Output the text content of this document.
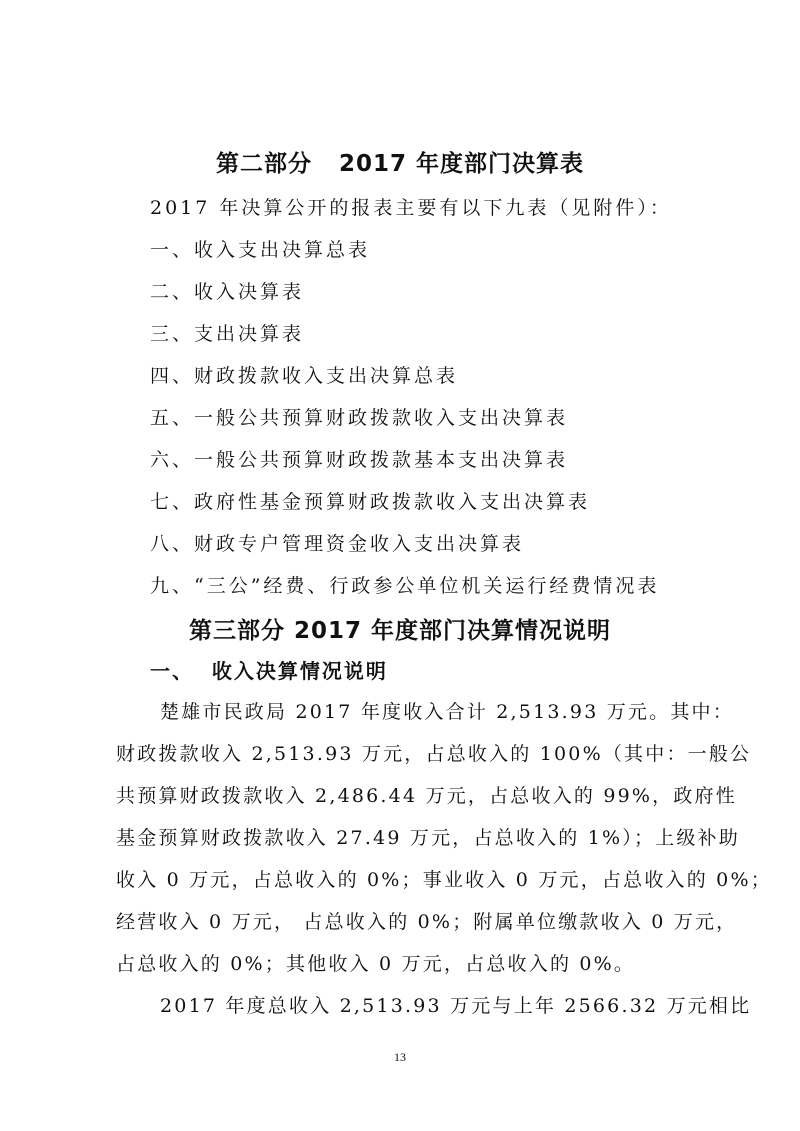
第二部分   2017 年度部门决算表
2017 年决算公开的报表主要有以下九表（见附件）：
一、收入支出决算总表
二、收入决算表
三、支出决算表
四、财政拨款收入支出决算总表
五、一般公共预算财政拨款收入支出决算表
六、一般公共预算财政拨款基本支出决算表
七、政府性基金预算财政拨款收入支出决算表
八、财政专户管理资金收入支出决算表
九、“三公”经费、行政参公单位机关运行经费情况表
第三部分 2017 年度部门决算情况说明
一、  收入决算情况说明
楚雄市民政局 2017 年度收入合计 2,513.93 万元。其中：
财政拨款收入 2,513.93 万元，占总收入的 100%（其中：一般公
共预算财政拨款收入 2,486.44 万元，占总收入的 99%，政府性
基金预算财政拨款收入 27.49 万元，占总收入的 1%）；上级补助
收入 0 万元，占总收入的 0%；事业收入 0 万元，占总收入的 0%；
经营收入 0 万元， 占总收入的 0%；附属单位缴款收入 0 万元，
占总收入的 0%；其他收入 0 万元，占总收入的 0%。
2017 年度总收入 2,513.93 万元与上年 2566.32 万元相比
13
